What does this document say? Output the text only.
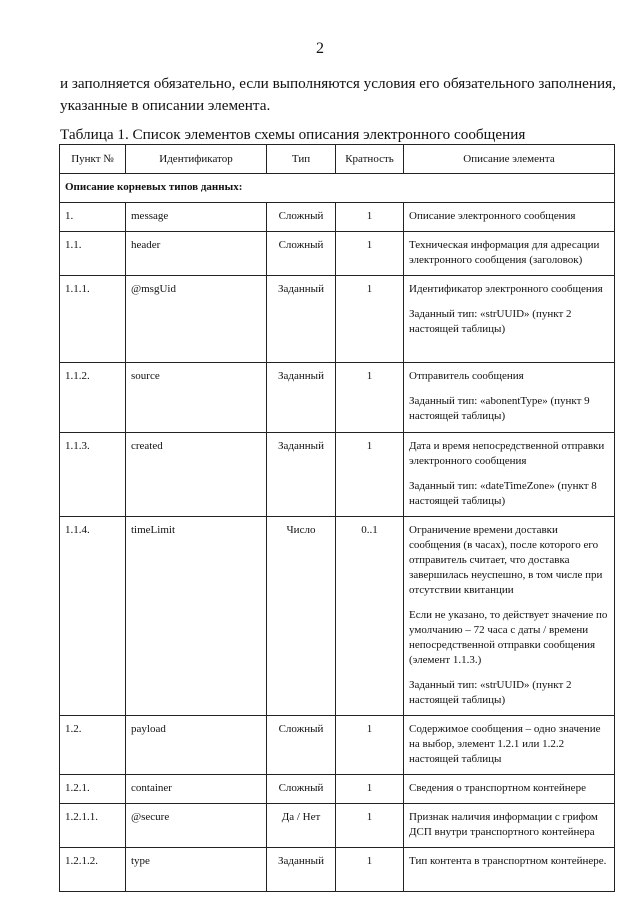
2
и заполняется обязательно, если выполняются условия его обязательного заполнения, указанные в описании элемента.
Таблица 1. Список элементов схемы описания электронного сообщения
Пункт №	Идентификатор	Тип	Кратность	Описание элемента
Описание корневых типов данных:				
1.	message	Сложный	1	Описание электронного сообщения

1.1.	header	Сложный	1	Техническая информация для адресации электронного сообщения (заголовок)

1.1.1.	@msgUid	Заданный	1	Идентификатор электронного сообщения

Заданный тип: «strUUID» (пункт 2 настоящей таблицы)

1.1.2.	source	Заданный	1	Отправитель сообщения

Заданный тип: «abonentType» (пункт 9 настоящей таблицы)

1.1.3.	created	Заданный	1	Дата и время непосредственной отправки электронного сообщения

Заданный тип: «dateTimeZone» (пункт 8 настоящей таблицы)

1.1.4.	timeLimit	Число	0..1	Ограничение времени доставки сообщения (в часах), после которого его отправитель считает, что доставка завершилась неуспешно, в том числе при отсутствии квитанции

Если не указано, то действует значение по умолчанию – 72 часа с даты / времени непосредственной отправки сообщения (элемент 1.1.3.)

Заданный тип: «strUUID» (пункт 2 настоящей таблицы)

1.2.	payload	Сложный	1	Содержимое сообщения – одно значение на выбор, элемент 1.2.1 или 1.2.2 настоящей таблицы

1.2.1.	container	Сложный	1	Сведения о транспортном контейнере

1.2.1.1.	@secure	Да / Нет	1	Признак наличия информации с грифом ДСП внутри транспортного контейнера

1.2.1.2.	type	Заданный	1	Тип контента в транспортном контейнере.
